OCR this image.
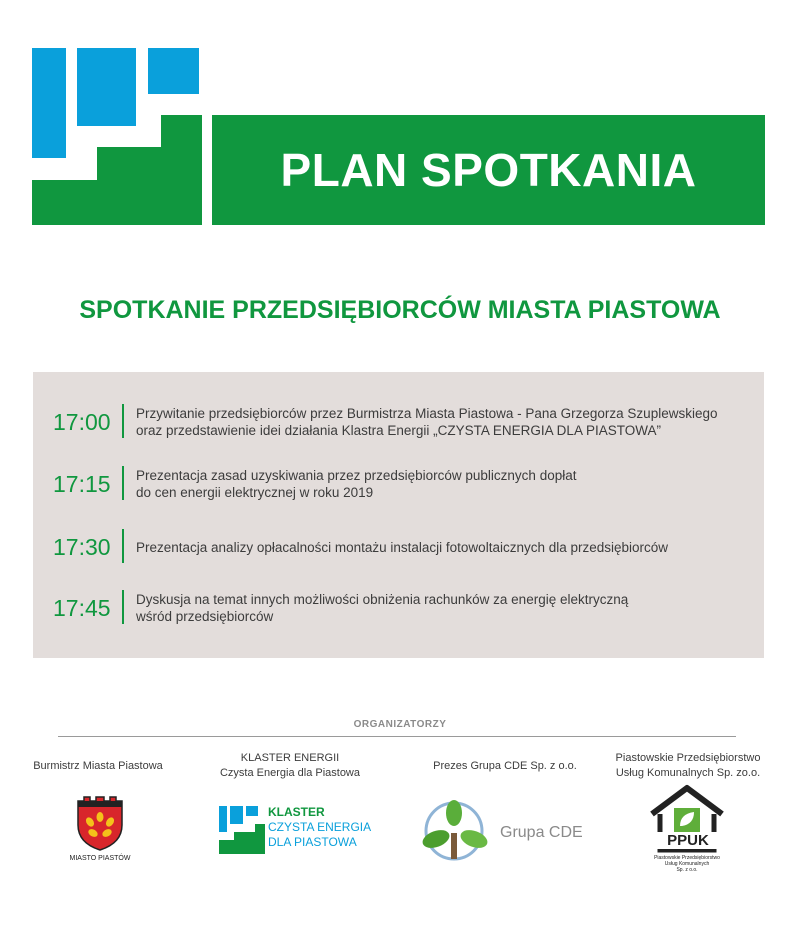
PLAN SPOTKANIA
SPOTKANIE PRZEDSIĘBIORCÓW MIASTA PIASTOWA
17:00 Przywitanie przedsiębiorców przez Burmistrza Miasta Piastowa - Pana Grzegorza Szuplewskiego
oraz przedstawienie idei działania Klastra Energii „CZYSTA ENERGIA DLA PIASTOWA”
17:15 Prezentacja zasad uzyskiwania przez przedsiębiorców publicznych dopłat
do cen energii elektrycznej w roku 2019
17:30 Prezentacja analizy opłacalności montażu instalacji fotowoltaicznych dla przedsiębiorców
17:45 Dyskusja na temat innych możliwości obniżenia rachunków za energię elektryczną
wśród przedsiębiorców
ORGANIZATORZY
Burmistrz Miasta Piastowa
MIASTO PIASTÓW
KLASTER ENERGII
Czysta Energia dla Piastowa
KLASTER
CZYSTA ENERGIA
DLA PIASTOWA
Prezes Grupa CDE Sp. z o.o.
Grupa CDE
Piastowskie Przedsiębiorstwo
Usług Komunalnych Sp. zo.o.
PPUK
Piastowskie Przedsiębiorstwo
Usług Komunalnych
Sp. z o.o.
